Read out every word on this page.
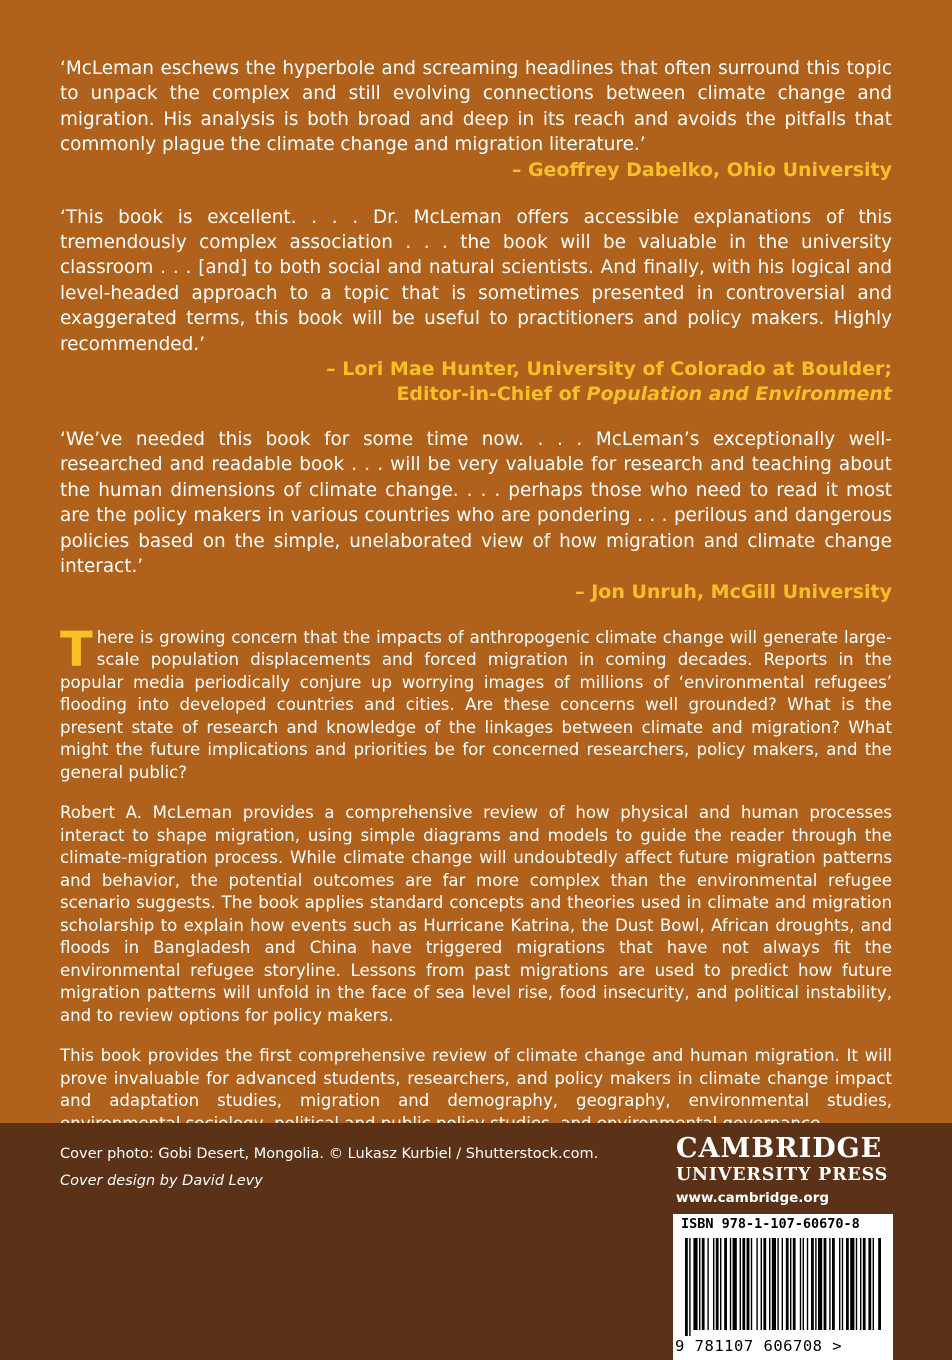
‘McLeman eschews the hyperbole and screaming headlines that often surround this topic to unpack the complex and still evolving connections between climate change and migration. His analysis is both broad and deep in its reach and avoids the pitfalls that commonly plague the climate change and migration literature.’

– Geoffrey Dabelko, Ohio University

‘This book is excellent. . . . Dr. McLeman offers accessible explanations of this tremendously complex association . . . the book will be valuable in the university classroom . . . [and] to both social and natural scientists. And finally, with his logical and level-headed approach to a topic that is sometimes presented in controversial and exaggerated terms, this book will be useful to practitioners and policy makers. Highly recommended.’

– Lori Mae Hunter, University of Colorado at Boulder;
Editor-in-Chief of Population and Environment

‘We’ve needed this book for some time now. . . . McLeman’s exceptionally well-researched and readable book . . . will be very valuable for research and teaching about the human dimensions of climate change. . . . perhaps those who need to read it most are the policy makers in various countries who are pondering . . . perilous and dangerous policies based on the simple, unelaborated view of how migration and climate change interact.’

– Jon Unruh, McGill University

There is growing concern that the impacts of anthropogenic climate change will generate large-scale population displacements and forced migration in coming decades. Reports in the popular media periodically conjure up worrying images of millions of ‘environmental refugees’ flooding into developed countries and cities. Are these concerns well grounded? What is the present state of research and knowledge of the linkages between climate and migration? What might the future implications and priorities be for concerned researchers, policy makers, and the general public?

Robert A. McLeman provides a comprehensive review of how physical and human processes interact to shape migration, using simple diagrams and models to guide the reader through the climate-migration process. While climate change will undoubtedly affect future migration patterns and behavior, the potential outcomes are far more complex than the environmental refugee scenario suggests. The book applies standard concepts and theories used in climate and migration scholarship to explain how events such as Hurricane Katrina, the Dust Bowl, African droughts, and floods in Bangladesh and China have triggered migrations that have not always fit the environmental refugee storyline. Lessons from past migrations are used to predict how future migration patterns will unfold in the face of sea level rise, food insecurity, and political instability, and to review options for policy makers.

This book provides the first comprehensive review of climate change and human migration. It will prove invaluable for advanced students, researchers, and policy makers in climate change impact and adaptation studies, migration and demography, geography, environmental studies,

Cover photo: Gobi Desert, Mongolia. © Lukasz Kurbiel / Shutterstock.com.
Cover design by David Levy
CAMBRIDGE
UNIVERSITY PRESS
www.cambridge.org
ISBN 978-1-107-60670-8
9 781107 606708 >
